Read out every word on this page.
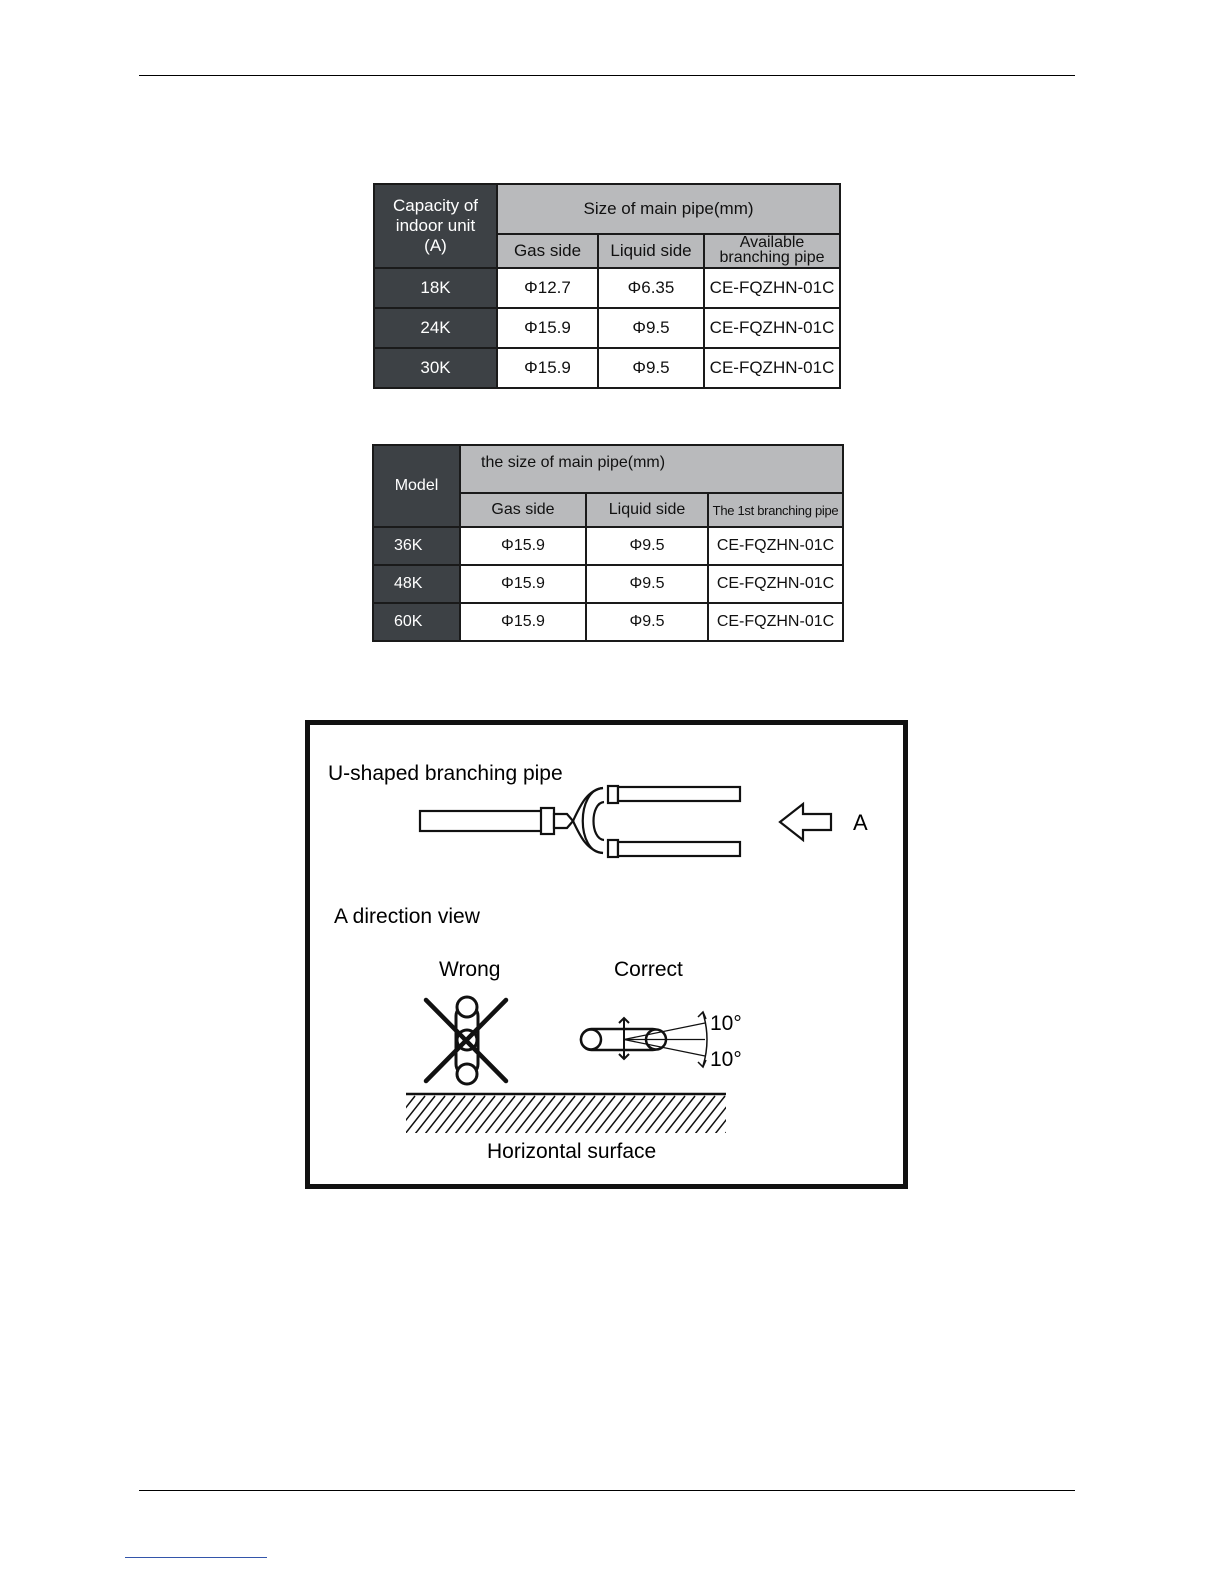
Capacity of
indoor unit
(A)	Size of main pipe(mm)		
	Gas side	Liquid side	Available
branching pipe
18K	Φ12.7	Φ6.35	CE-FQZHN-01C
24K	Φ15.9	Φ9.5	CE-FQZHN-01C
30K	Φ15.9	Φ9.5	CE-FQZHN-01C
Model	the size of main pipe(mm)		
	Gas side	Liquid side	The 1st branching pipe
36K	Φ15.9	Φ9.5	CE-FQZHN-01C
48K	Φ15.9	Φ9.5	CE-FQZHN-01C
60K	Φ15.9	Φ9.5	CE-FQZHN-01C
U-shaped branching pipe
A
A direction view
Wrong	Correct
10°
10°
Horizontal surface
